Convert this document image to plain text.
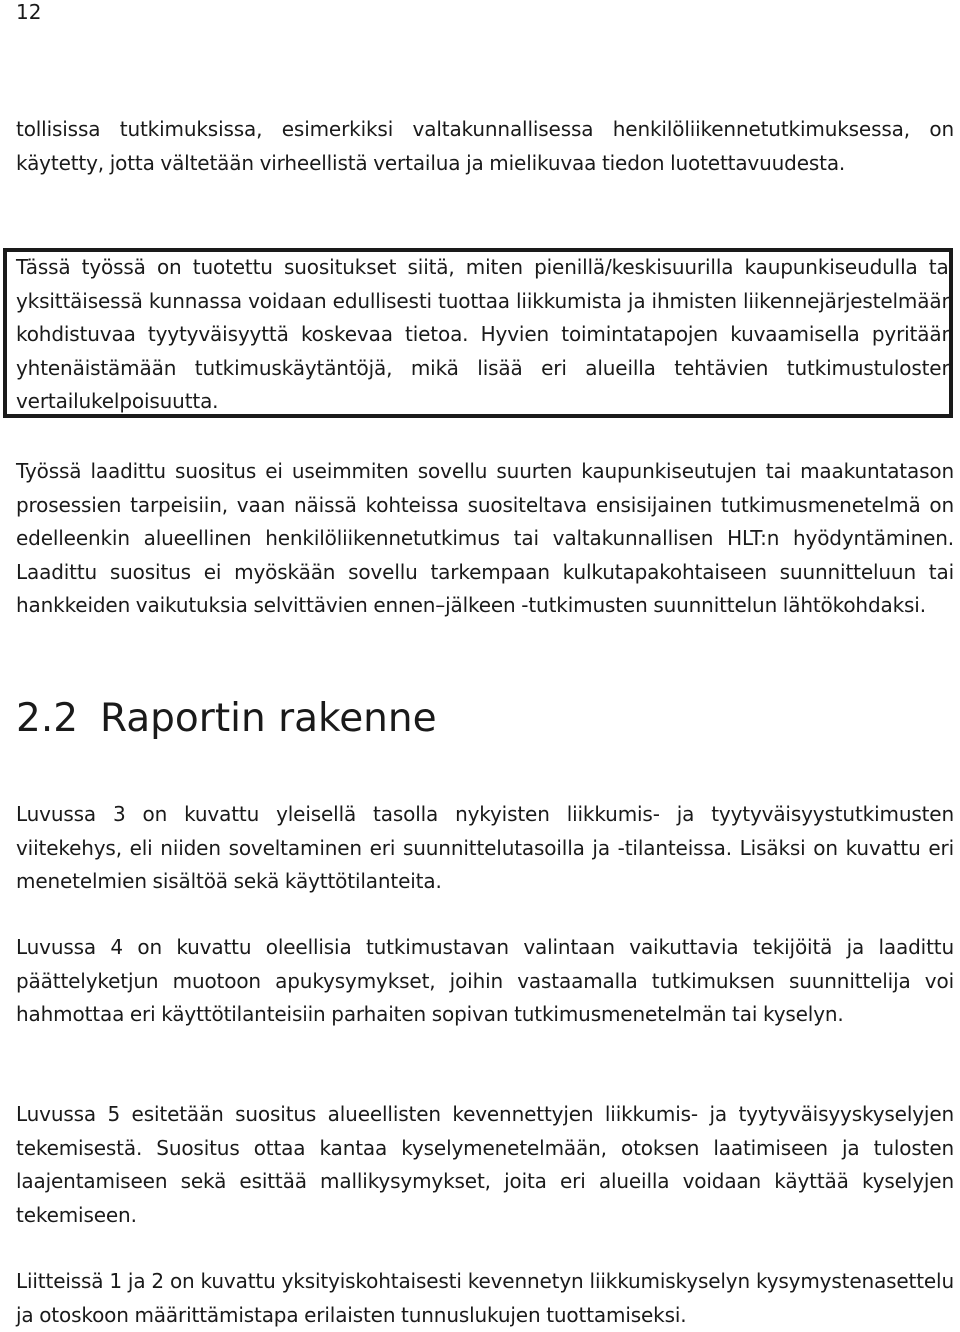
12

tollisissa tutkimuksissa, esimerkiksi valtakunnallisessa henkilöliikennetutkimuksessa, on käytetty, jotta vältetään virheellistä vertailua ja mielikuvaa tiedon luotettavuudesta.

Tässä työssä on tuotettu suositukset siitä, miten pienillä/keskisuurilla kaupunkiseudulla tai yksittäisessä kunnassa voidaan edullisesti tuottaa liikkumista ja ihmisten liikennejärjestelmään kohdistuvaa tyytyväisyyttä koskevaa tietoa. Hyvien toimintatapojen kuvaamisella pyritään yhtenäistämään tutkimuskäytäntöjä, mikä lisää eri alueilla tehtävien tutkimustulosten vertailukelpoisuutta.

Työssä laadittu suositus ei useimmiten sovellu suurten kaupunkiseutujen tai maakuntatason prosessien tarpeisiin, vaan näissä kohteissa suositeltava ensisijainen tutkimusmenetelmä on edelleenkin alueellinen henkilöliikennetutkimus tai valtakunnallisen HLT:n hyödyntäminen. Laadittu suositus ei myöskään sovellu tarkempaan kulkutapakohtaiseen suunnitteluun tai hankkeiden vaikutuksia selvittävien ennen–jälkeen -tutkimusten suunnittelun lähtökohdaksi.

2.2 Raportin rakenne

Luvussa 3 on kuvattu yleisellä tasolla nykyisten liikkumis- ja tyytyväisyystutkimusten viitekehys, eli niiden soveltaminen eri suunnittelutasoilla ja -tilanteissa. Lisäksi on kuvattu eri menetelmien sisältöä sekä käyttötilanteita.

Luvussa 4 on kuvattu oleellisia tutkimustavan valintaan vaikuttavia tekijöitä ja laadittu päättelyketjun muotoon apukysymykset, joihin vastaamalla tutkimuksen suunnittelija voi hahmottaa eri käyttötilanteisiin parhaiten sopivan tutkimusmenetelmän tai kyselyn.

Luvussa 5 esitetään suositus alueellisten kevennettyjen liikkumis- ja tyytyväisyyskyselyjen tekemisestä. Suositus ottaa kantaa kyselymenetelmään, otoksen laatimiseen ja tulosten laajentamiseen sekä esittää mallikysymykset, joita eri alueilla voidaan käyttää kyselyjen tekemiseen.

Liitteissä 1 ja 2 on kuvattu yksityiskohtaisesti kevennetyn liikkumiskyselyn kysymystenasettelu ja otoskoon määrittämistapa erilaisten tunnuslukujen tuottamiseksi.
